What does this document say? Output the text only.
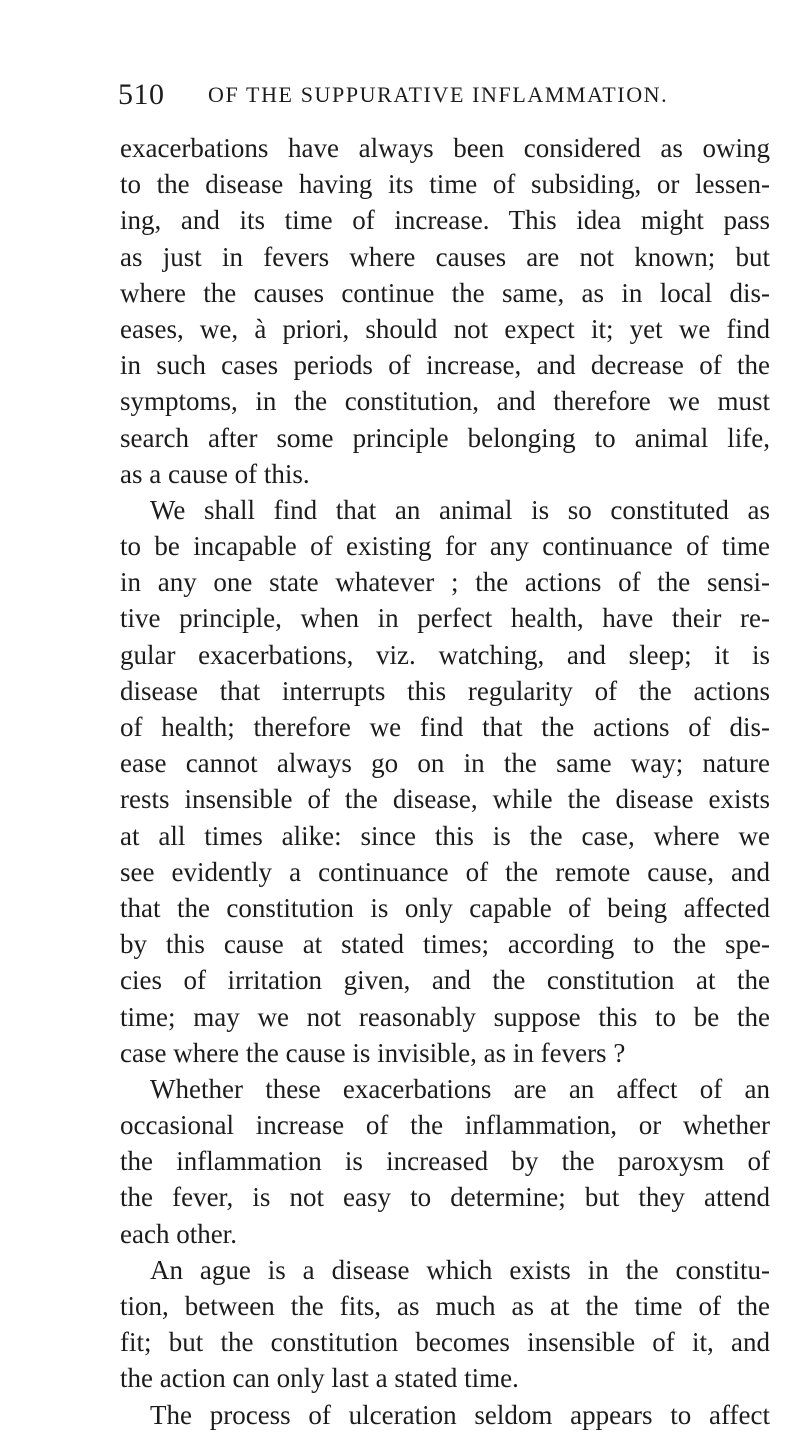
510 OF THE SUPPURATIVE INFLAMMATION.
exacerbations have always been considered as owing
to the disease having its time of subsiding, or lessen-
ing, and its time of increase. This idea might pass
as just in fevers where causes are not known; but
where the causes continue the same, as in local dis-
eases, we, à priori, should not expect it; yet we find
in such cases periods of increase, and decrease of the
symptoms, in the constitution, and therefore we must
search after some principle belonging to animal life,
as a cause of this.
We shall find that an animal is so constituted as
to be incapable of existing for any continuance of time
in any one state whatever ; the actions of the sensi-
tive principle, when in perfect health, have their re-
gular exacerbations, viz. watching, and sleep; it is
disease that interrupts this regularity of the actions
of health; therefore we find that the actions of dis-
ease cannot always go on in the same way; nature
rests insensible of the disease, while the disease exists
at all times alike: since this is the case, where we
see evidently a continuance of the remote cause, and
that the constitution is only capable of being affected
by this cause at stated times; according to the spe-
cies of irritation given, and the constitution at the
time; may we not reasonably suppose this to be the
case where the cause is invisible, as in fevers ?
Whether these exacerbations are an affect of an
occasional increase of the inflammation, or whether
the inflammation is increased by the paroxysm of
the fever, is not easy to determine; but they attend
each other.
An ague is a disease which exists in the constitu-
tion, between the fits, as much as at the time of the
fit; but the constitution becomes insensible of it, and
the action can only last a stated time.
The process of ulceration seldom appears to affect
